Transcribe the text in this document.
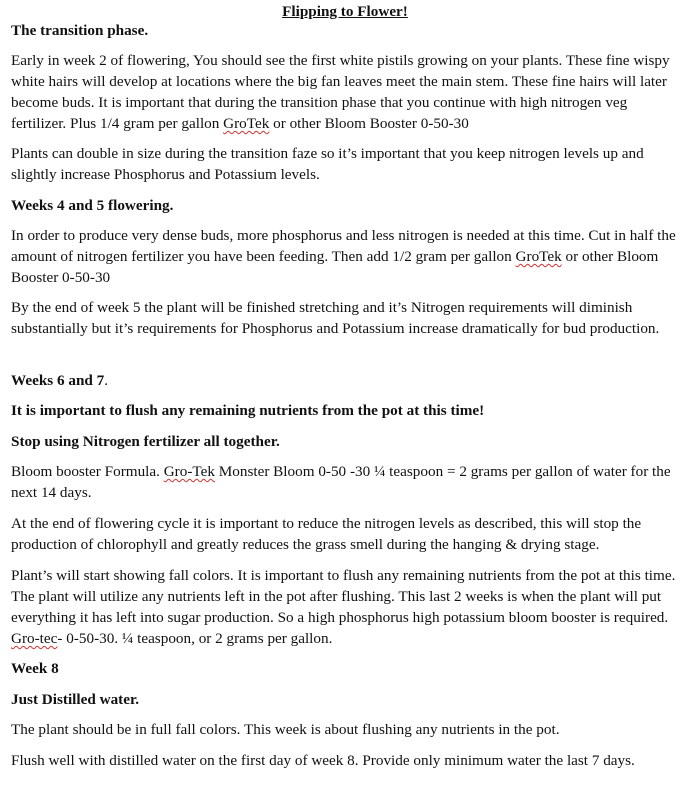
Flipping to Flower!

The transition phase.

Early in week 2 of flowering, You should see the first white pistils growing on your plants. These fine wispy white hairs will develop at locations where the big fan leaves meet the main stem. These fine hairs will later become buds. It is important that during the transition phase that you continue with high nitrogen veg fertilizer. Plus 1/4 gram per gallon GroTek or other Bloom Booster 0-50-30

Plants can double in size during the transition faze so it’s important that you keep nitrogen levels up and slightly increase Phosphorus and Potassium levels.

Weeks 4 and 5 flowering.

In order to produce very dense buds, more phosphorus and less nitrogen is needed at this time. Cut in half the amount of nitrogen fertilizer you have been feeding. Then add 1/2 gram per gallon GroTek or other Bloom Booster 0-50-30

By the end of week 5 the plant will be finished stretching and it’s Nitrogen requirements will diminish substantially but it’s requirements for Phosphorus and Potassium increase dramatically for bud production.

Weeks 6 and 7.

It is important to flush any remaining nutrients from the pot at this time!

Stop using Nitrogen fertilizer all together.

Bloom booster Formula. Gro-Tek Monster Bloom 0-50 -30 ¼ teaspoon = 2 grams per gallon of water for the next 14 days.

At the end of flowering cycle it is important to reduce the nitrogen levels as described, this will stop the production of chlorophyll and greatly reduces the grass smell during the hanging & drying stage.

Plant’s will start showing fall colors. It is important to flush any remaining nutrients from the pot at this time. The plant will utilize any nutrients left in the pot after flushing. This last 2 weeks is when the plant will put everything it has left into sugar production. So a high phosphorus high potassium bloom booster is required. Gro-tec- 0-50-30. ¼ teaspoon, or 2 grams per gallon.

Week 8

Just Distilled water.

The plant should be in full fall colors. This week is about flushing any nutrients in the pot.

Flush well with distilled water on the first day of week 8. Provide only minimum water the last 7 days.
